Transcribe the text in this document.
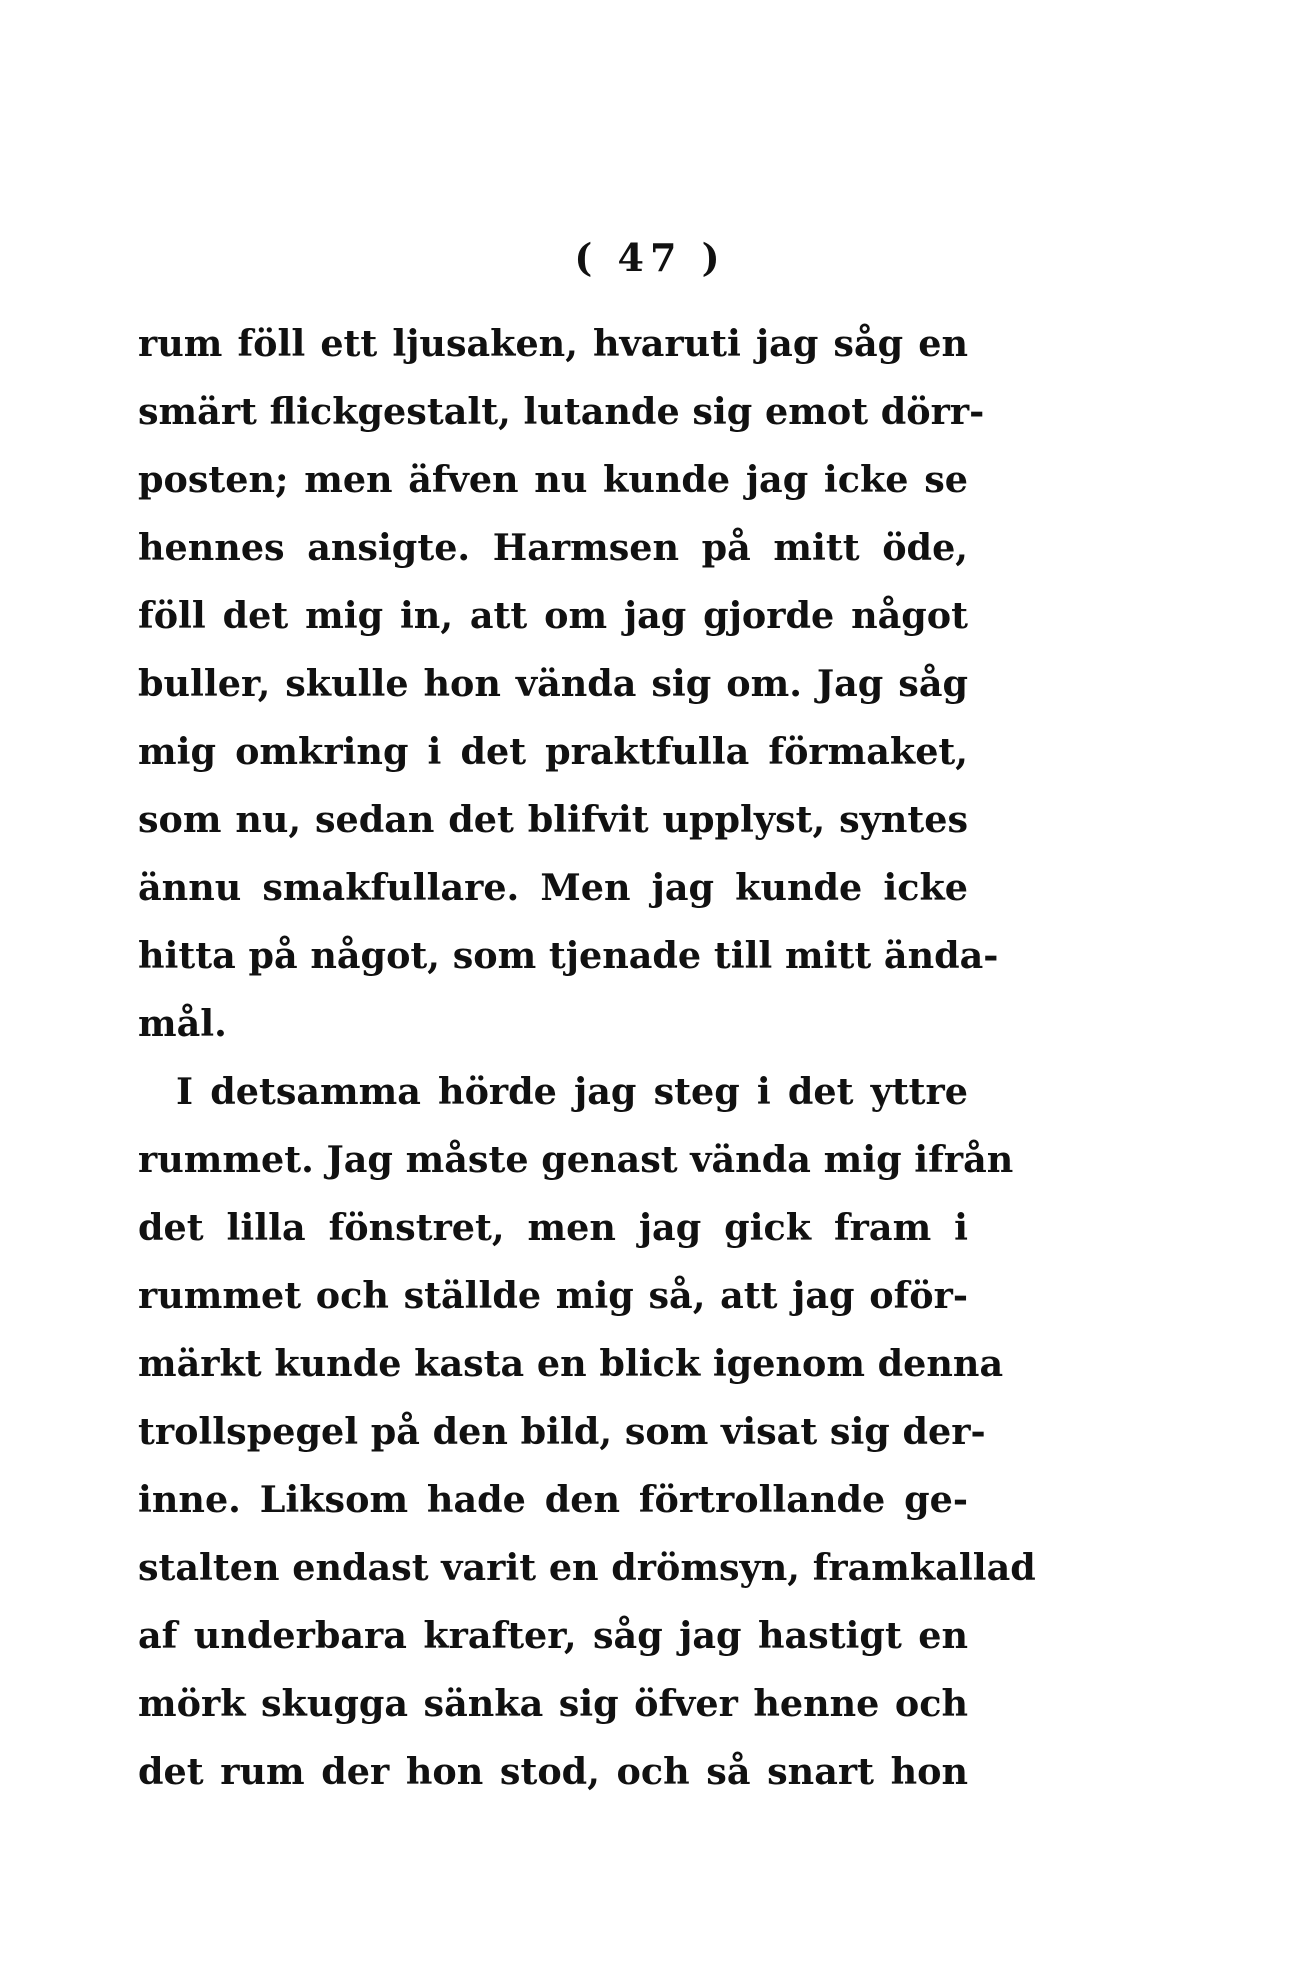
( 47 )
rum föll ett ljusaken, hvaruti jag såg en
smärt flickgestalt, lutande sig emot dörr-
posten; men äfven nu kunde jag icke se
hennes ansigte. Harmsen på mitt öde,
föll det mig in, att om jag gjorde något
buller, skulle hon vända sig om. Jag såg
mig omkring i det praktfulla förmaket,
som nu, sedan det blifvit upplyst, syntes
ännu smakfullare. Men jag kunde icke
hitta på något, som tjenade till mitt ända-
mål.
I detsamma hörde jag steg i det yttre
rummet. Jag måste genast vända mig ifrån
det lilla fönstret, men jag gick fram i
rummet och ställde mig så, att jag oför-
märkt kunde kasta en blick igenom denna
trollspegel på den bild, som visat sig der-
inne. Liksom hade den förtrollande ge-
stalten endast varit en drömsyn, framkallad
af underbara krafter, såg jag hastigt en
mörk skugga sänka sig öfver henne och
det rum der hon stod, och så snart hon
